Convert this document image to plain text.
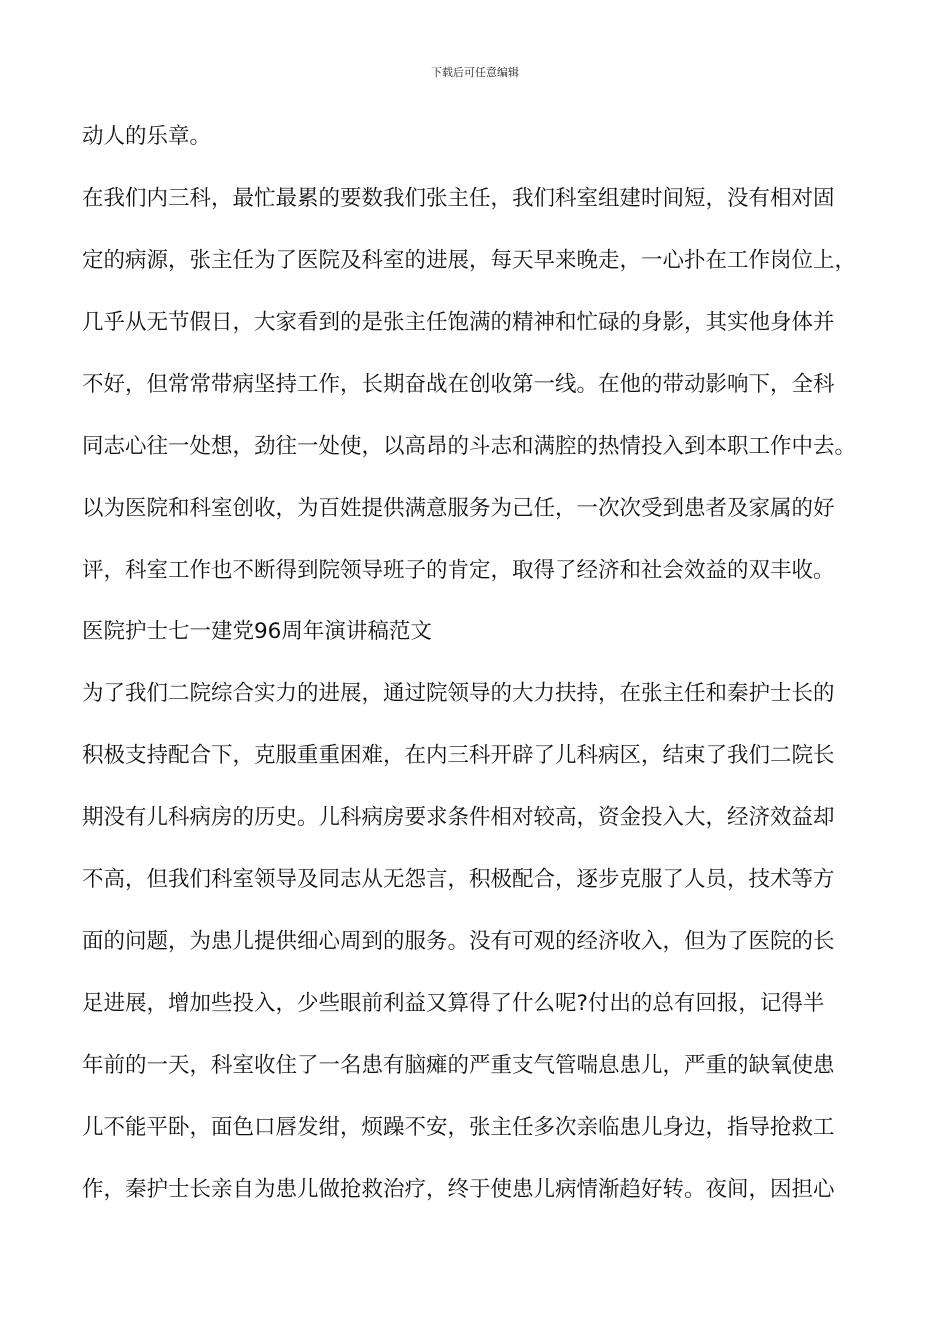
下载后可任意编辑
动人的乐章。
在我们内三科，最忙最累的要数我们张主任，我们科室组建时间短，没有相对固
定的病源，张主任为了医院及科室的进展，每天早来晚走，一心扑在工作岗位上，
几乎从无节假日，大家看到的是张主任饱满的精神和忙碌的身影，其实他身体并
不好，但常常带病坚持工作，长期奋战在创收第一线。在他的带动影响下，全科
同志心往一处想，劲往一处使，以高昂的斗志和满腔的热情投入到本职工作中去。
以为医院和科室创收，为百姓提供满意服务为己任，一次次受到患者及家属的好
评，科室工作也不断得到院领导班子的肯定，取得了经济和社会效益的双丰收。
医院护士七一建党96周年演讲稿范文
为了我们二院综合实力的进展，通过院领导的大力扶持，在张主任和秦护士长的
积极支持配合下，克服重重困难，在内三科开辟了儿科病区，结束了我们二院长
期没有儿科病房的历史。儿科病房要求条件相对较高，资金投入大，经济效益却
不高，但我们科室领导及同志从无怨言，积极配合，逐步克服了人员，技术等方
面的问题，为患儿提供细心周到的服务。没有可观的经济收入，但为了医院的长
足进展，增加些投入，少些眼前利益又算得了什么呢?付出的总有回报，记得半
年前的一天，科室收住了一名患有脑瘫的严重支气管喘息患儿，严重的缺氧使患
儿不能平卧，面色口唇发绀，烦躁不安，张主任多次亲临患儿身边，指导抢救工
作，秦护士长亲自为患儿做抢救治疗，终于使患儿病情渐趋好转。夜间，因担心
